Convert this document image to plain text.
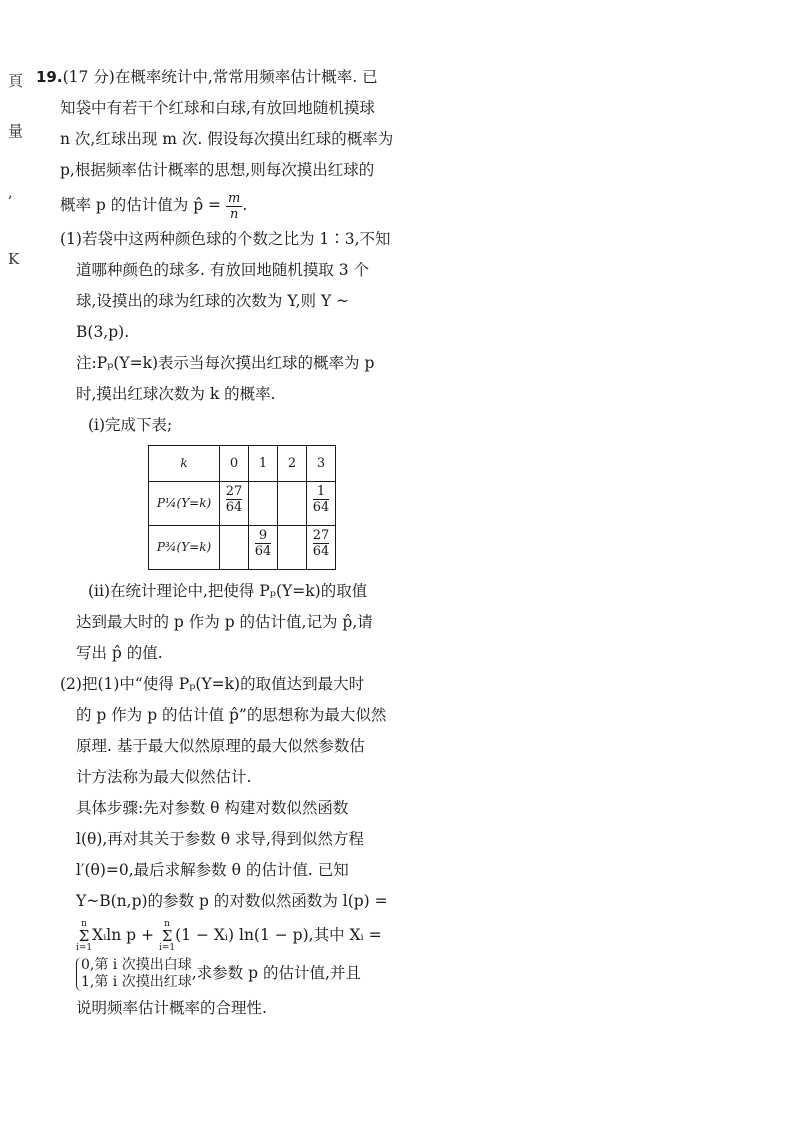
頁
量
,
K
19.(17 分)在概率统计中,常常用频率估计概率. 已
知袋中有若干个红球和白球,有放回地随机摸球
n 次,红球出现 m 次. 假设每次摸出红球的概率为
p,根据频率估计概率的思想,则每次摸出红球的
概率 p 的估计值为 p̂ = $\frac{m}{n}$ .
(1)若袋中这两种颜色球的个数之比为 1∶3,不知
道哪种颜色的球多. 有放回地随机摸取 3 个
球,设摸出的球为红球的次数为 Y,则 Y ~
B(3,p).
注:Pₚ(Y=k)表示当每次摸出红球的概率为 p
时,摸出红球次数为 k 的概率.
(i)完成下表;
k	0	1	2	3
P¼(Y=k)	$\frac{27}{64}$			$\frac{1}{64}$

P¾(Y=k)		$\frac{9}{64}$		$\frac{27}{64}$
(ii)在统计理论中,把使得 Pₚ(Y=k)的取值
达到最大时的 p 作为 p 的估计值,记为 p̂,请
写出 p̂ 的值.
(2)把(1)中“使得 Pₚ(Y=k)的取值达到最大时
的 p 作为 p 的估计值 p̂”的思想称为最大似然
原理. 基于最大似然原理的最大似然参数估
计方法称为最大似然估计.
具体步骤:先对参数 θ 构建对数似然函数
l(θ),再对其关于参数 θ 求导,得到似然方程
l′(θ)=0,最后求解参数 θ 的估计值. 已知
Y~B(n,p)的参数 p 的对数似然函数为 l(p) =
n
Σ
i=1Xᵢln p + n
Σ
i=1(1 − Xᵢ) ln(1 − p),其中 Xᵢ =
0,第 i 次摸出白球
1,第 i 次摸出红球 ,求参数 p 的估计值,并且
说明频率估计概率的合理性.
